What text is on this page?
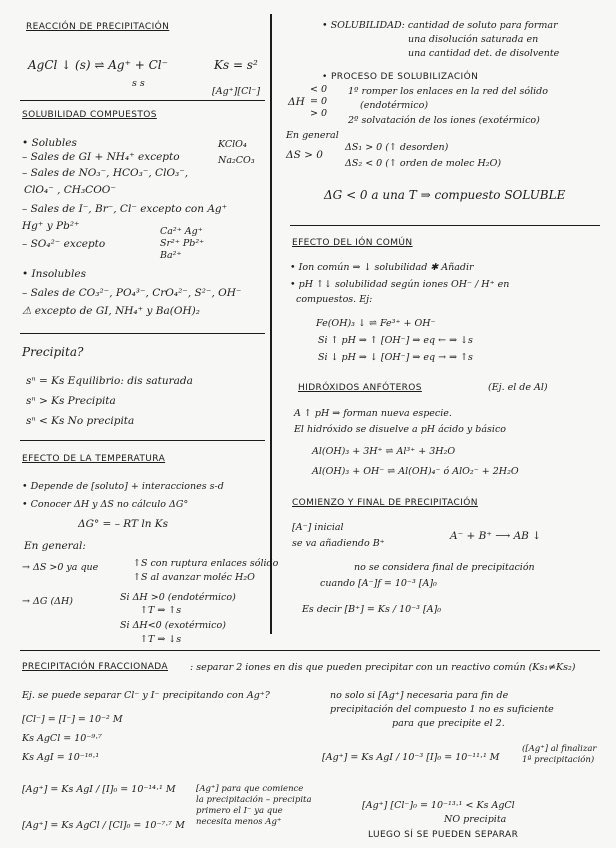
REACCIÓN DE PRECIPITACIÓN
AgCl ↓ (s) ⇌ Ag⁺ + Cl⁻
s s
Ks = s²
[Ag⁺][Cl⁻]
SOLUBILIDAD COMPUESTOS
• Solubles
– Sales de GI + NH₄⁺ excepto
– Sales de NO₃⁻, HCO₃⁻, ClO₃⁻,
ClO₄⁻ , CH₃COO⁻
– Sales de I⁻, Br⁻, Cl⁻ excepto con Ag⁺
Hg⁺ y Pb²⁺
– SO₄²⁻ excepto
KClO₄
Na₂CO₃
Ca²⁺ Ag⁺
Sr²⁺ Pb²⁺
Ba²⁺
• Insolubles
– Sales de CO₃²⁻, PO₄³⁻, CrO₄²⁻, S²⁻, OH⁻
⚠ excepto de GI, NH₄⁺ y Ba(OH)₂
Precipita?
sⁿ = Ks Equilibrio: dis saturada
sⁿ > Ks Precipita
sⁿ < Ks No precipita
EFECTO DE LA TEMPERATURA
• Depende de [soluto] + interacciones s-d
• Conocer ΔH y ΔS no cálculo ΔG°
ΔG° = – RT ln Ks
En general:
→ ΔS >0 ya que
→ ΔG (ΔH)
↑S con ruptura enlaces sólido
↑S al avanzar moléc H₂O
Si ΔH >0 (endotérmico)
↑T ⇒ ↑s
Si ΔH<0 (exotérmico)
↑T ⇒ ↓s
• SOLUBILIDAD: cantidad de soluto para formar
una disolución saturada en
una cantidad det. de disolvente
• PROCESO DE SOLUBILIZACIÓN
ΔH
< 0
= 0
> 0
1º romper los enlaces en la red del sólido
(endotérmico)
2º solvatación de los iones (exotérmico)
En general
ΔS > 0
ΔS₁ > 0 (↑ desorden)
ΔS₂ < 0 (↑ orden de molec H₂O)
ΔG < 0 a una T ⇒ compuesto SOLUBLE
EFECTO DEL IÓN COMÚN
• Ion común ⇒ ↓ solubilidad ✱ Añadir
• pH ↑↓ solubilidad según iones OH⁻ / H⁺ en
compuestos. Ej:
Fe(OH)₃ ↓ ⇌ Fe³⁺ + OH⁻
Si ↑ pH ⇒ ↑ [OH⁻] ⇒ eq ← ⇒ ↓s
Si ↓ pH ⇒ ↓ [OH⁻] ⇒ eq → ⇒ ↑s
HIDRÓXIDOS ANFÓTEROS	(Ej. el de Al)
A ↑ pH ⇒ forman nueva especie.
El hidróxido se disuelve a pH ácido y básico
Al(OH)₃ + 3H⁺ ⇌ Al³⁺ + 3H₂O
Al(OH)₃ + OH⁻ ⇌ Al(OH)₄⁻ ó AlO₂⁻ + 2H₂O
COMIENZO Y FINAL DE PRECIPITACIÓN
[A⁻] inicial
se va añadiendo B⁺
A⁻ + B⁺ ⟶ AB ↓
no se considera final de precipitación
cuando [A⁻]f = 10⁻³ [A]₀
Es decir [B⁺] = Ks / 10⁻³ [A]₀
PRECIPITACIÓN FRACCIONADA : separar 2 iones en dis que pueden precipitar con un reactivo común (Ks₁≠Ks₂)
Ej. se puede separar Cl⁻ y I⁻ precipitando con Ag⁺?
[Cl⁻] = [I⁻] = 10⁻² M
Ks AgCl = 10⁻⁹·⁷
Ks AgI = 10⁻¹⁶·¹
[Ag⁺] = Ks AgI / [I]₀ = 10⁻¹⁴·¹ M
[Ag⁺] = Ks AgCl / [Cl]₀ = 10⁻⁷·⁷ M
[Ag⁺] para que comience la precipitación – precipita primero el I⁻ ya que necesita menos Ag⁺
no solo si [Ag⁺] necesaria para fin de
precipitación del compuesto 1 no es suficiente
para que precipite el 2.
[Ag⁺] = Ks AgI / 10⁻³ [I]₀ = 10⁻¹¹·¹ M
([Ag⁺] al finalizar 1ª precipitación)
[Ag⁺] [Cl⁻]₀ = 10⁻¹³·¹ < Ks AgCl
NO precipita
LUEGO SÍ SE PUEDEN SEPARAR
